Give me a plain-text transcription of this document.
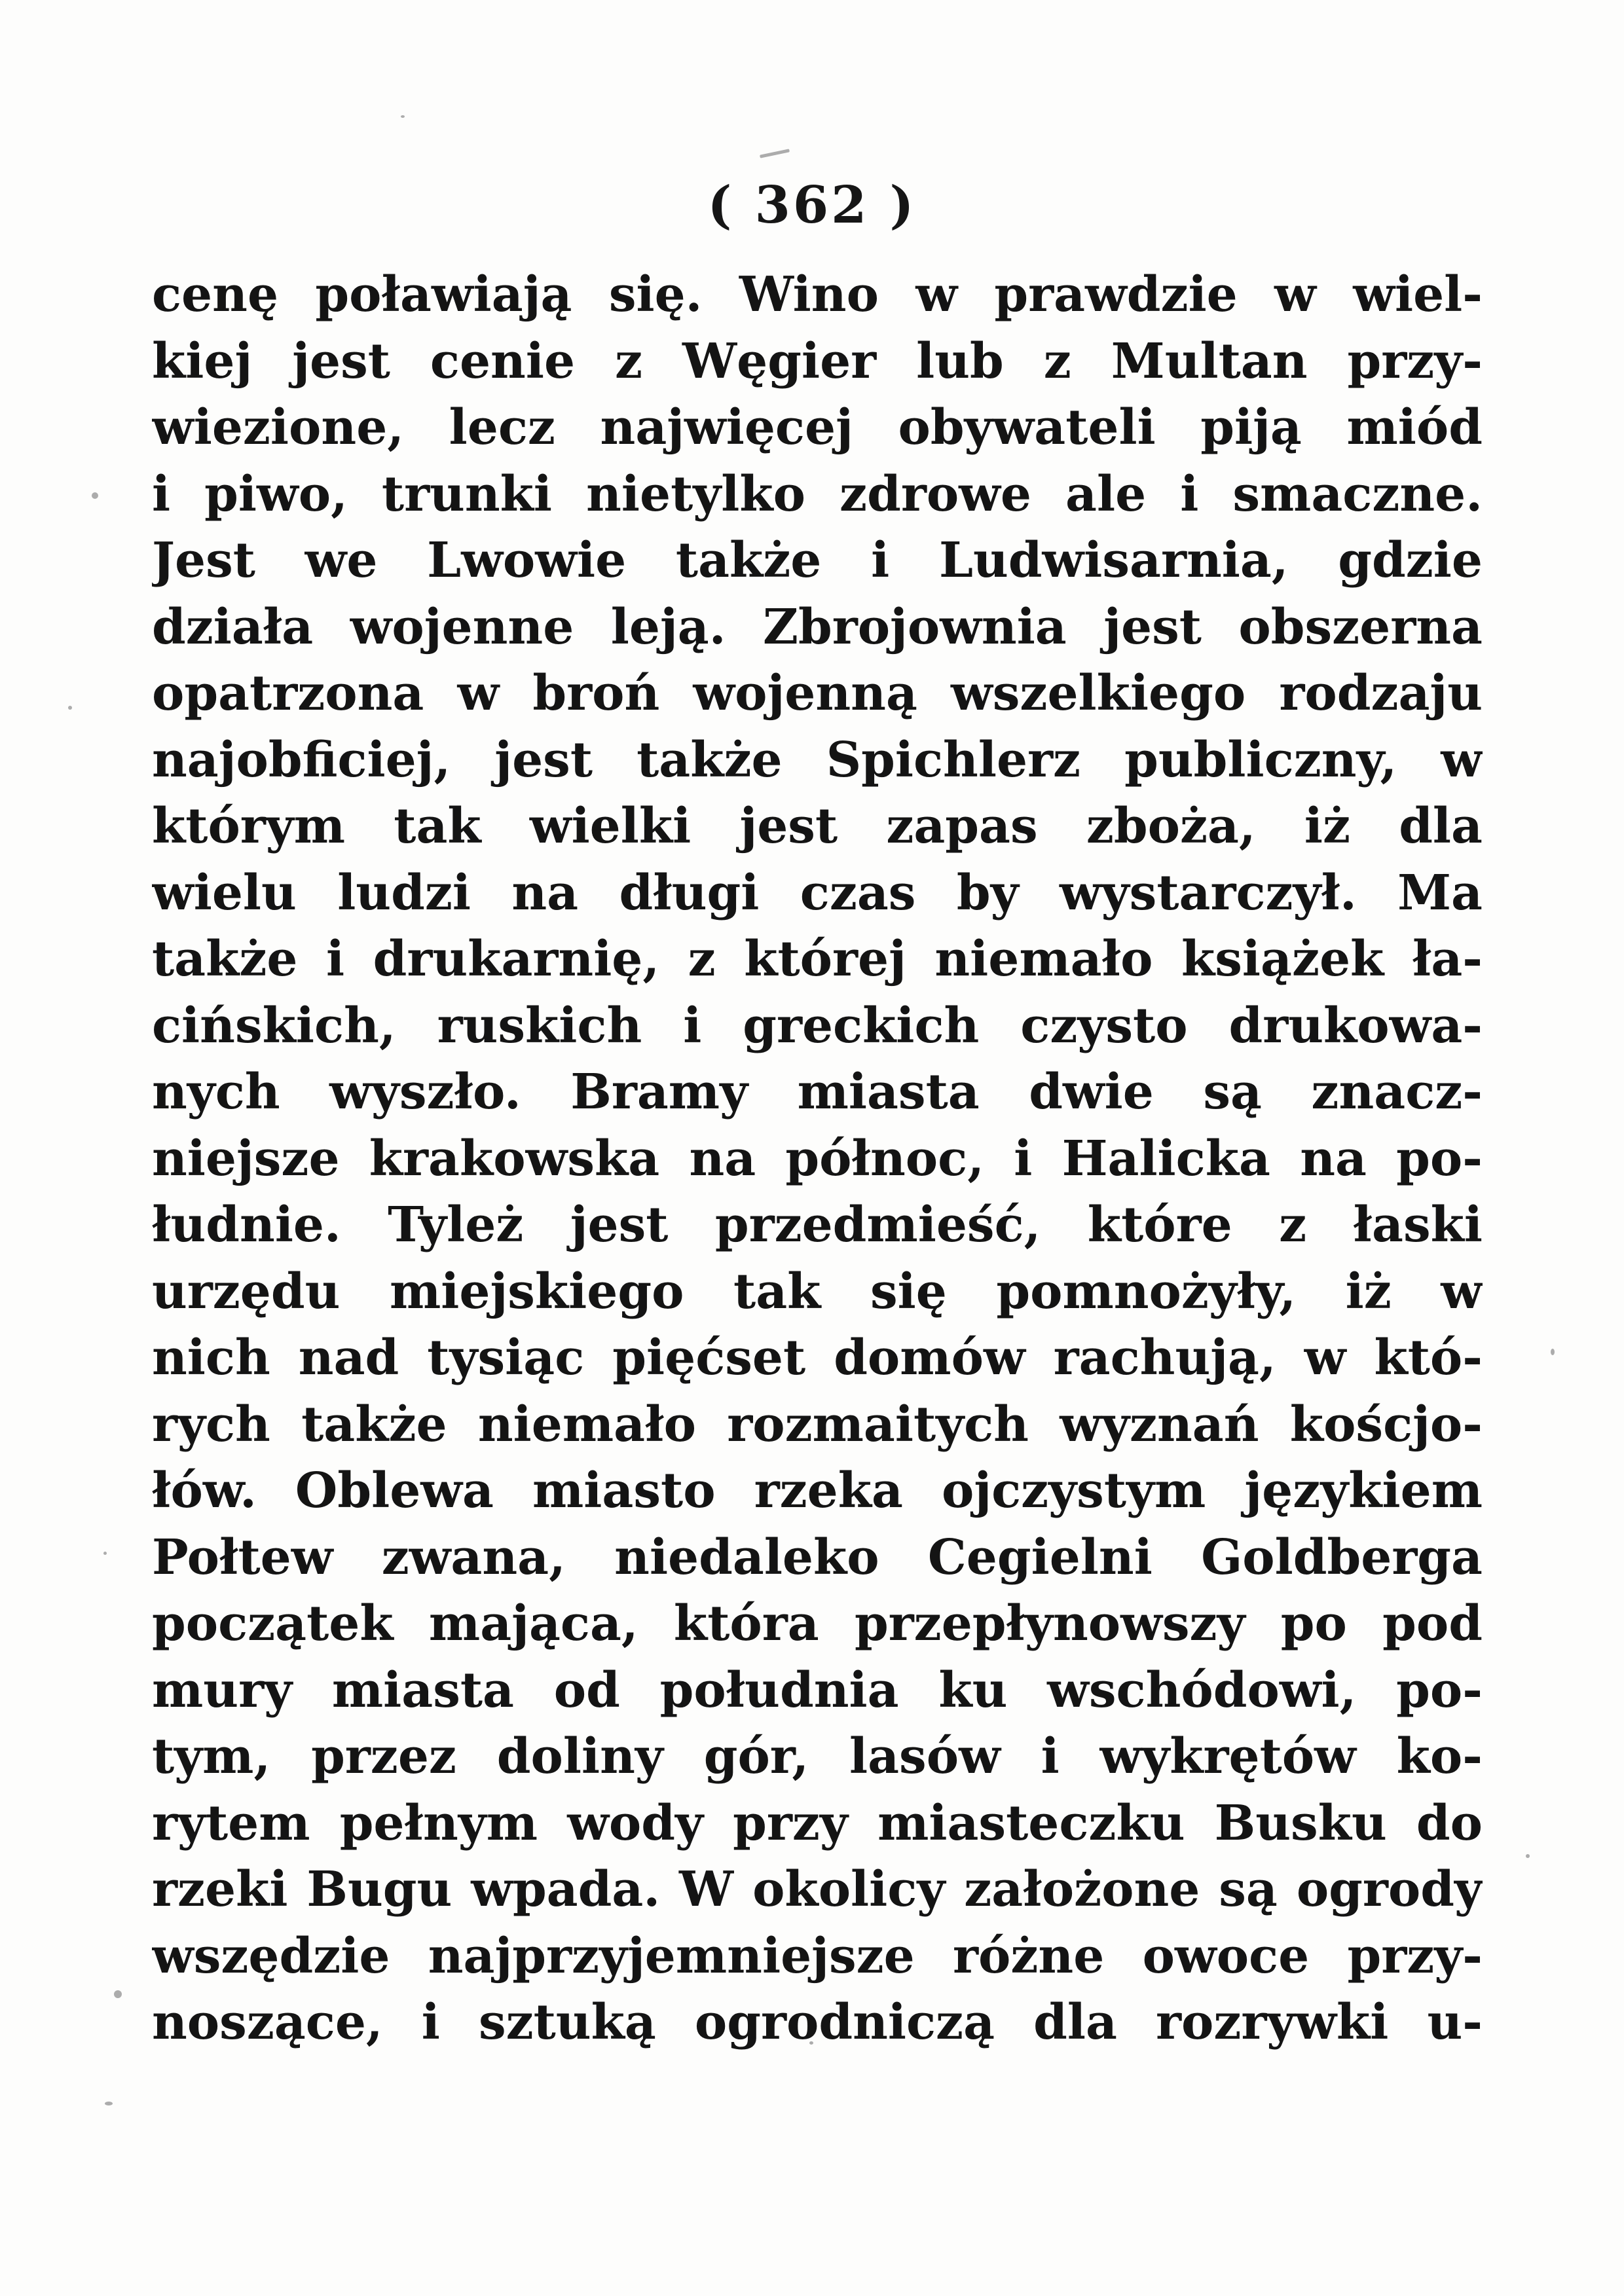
( 362 )
cenę poławiają się. Wino w prawdzie w wiel-
kiej jest cenie z Węgier lub z Multan przy-
wiezione, lecz najwięcej obywateli piją miód
i piwo, trunki nietylko zdrowe ale i smaczne.
Jest we Lwowie także i Ludwisarnia, gdzie
działa wojenne leją. Zbrojownia jest obszerna
opatrzona w broń wojenną wszelkiego rodzaju
najobficiej, jest także Spichlerz publiczny, w
którym tak wielki jest zapas zboża, iż dla
wielu ludzi na długi czas by wystarczył. Ma
także i drukarnię, z której niemało książek ła-
cińskich, ruskich i greckich czysto drukowa-
nych wyszło. Bramy miasta dwie są znacz-
niejsze krakowska na północ, i Halicka na po-
łudnie. Tyleż jest przedmieść, które z łaski
urzędu miejskiego tak się pomnożyły, iż w
nich nad tysiąc pięćset domów rachują, w któ-
rych także niemało rozmaitych wyznań koścjo-
łów. Oblewa miasto rzeka ojczystym językiem
Połtew zwana, niedaleko Cegielni Goldberga
początek mająca, która przepłynowszy po pod
mury miasta od południa ku wschódowi, po-
tym, przez doliny gór, lasów i wykrętów ko-
rytem pełnym wody przy miasteczku Busku do
rzeki Bugu wpada. W okolicy założone są ogrody
wszędzie najprzyjemniejsze różne owoce przy-
noszące, i sztuką ogrodniczą dla rozrywki u-
